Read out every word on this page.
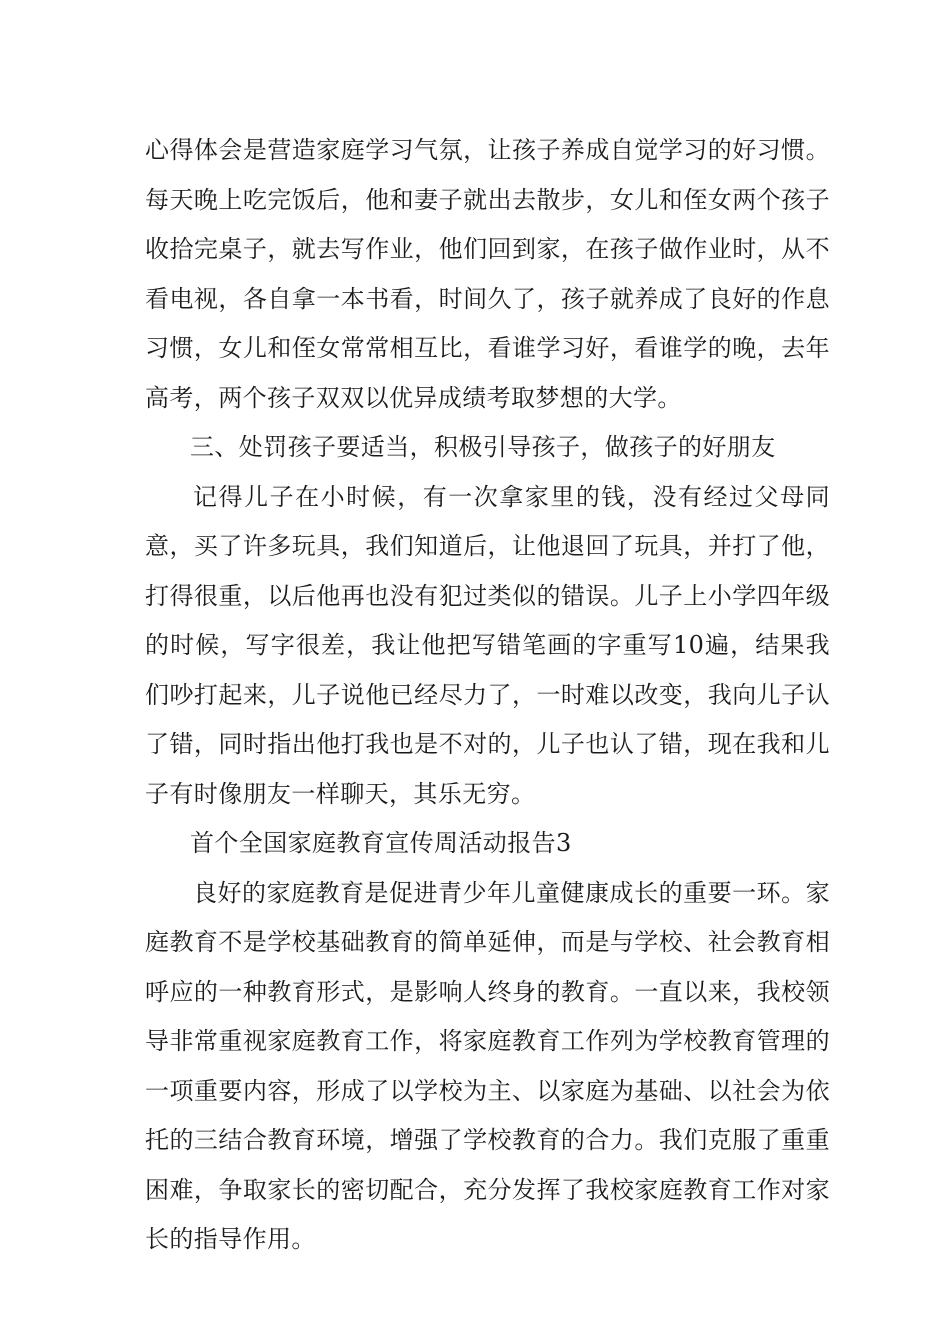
心得体会是营造家庭学习气氛，让孩子养成自觉学习的好习惯。每天晚上吃完饭后，他和妻子就出去散步，女儿和侄女两个孩子收拾完桌子，就去写作业，他们回到家，在孩子做作业时，从不看电视，各自拿一本书看，时间久了，孩子就养成了良好的作息习惯，女儿和侄女常常相互比，看谁学习好，看谁学的晚，去年高考，两个孩子双双以优异成绩考取梦想的大学。

三、处罚孩子要适当，积极引导孩子，做孩子的好朋友

记得儿子在小时候，有一次拿家里的钱，没有经过父母同意，买了许多玩具，我们知道后，让他退回了玩具，并打了他，打得很重，以后他再也没有犯过类似的错误。儿子上小学四年级的时候，写字很差，我让他把写错笔画的字重写10遍，结果我们吵打起来，儿子说他已经尽力了，一时难以改变，我向儿子认了错，同时指出他打我也是不对的，儿子也认了错，现在我和儿子有时像朋友一样聊天，其乐无穷。

首个全国家庭教育宣传周活动报告3

良好的家庭教育是促进青少年儿童健康成长的重要一环。家庭教育不是学校基础教育的简单延伸，而是与学校、社会教育相呼应的一种教育形式，是影响人终身的教育。一直以来，我校领导非常重视家庭教育工作，将家庭教育工作列为学校教育管理的一项重要内容，形成了以学校为主、以家庭为基础、以社会为依托的三结合教育环境，增强了学校教育的合力。我们克服了重重困难，争取家长的密切配合，充分发挥了我校家庭教育工作对家长的指导作用。
